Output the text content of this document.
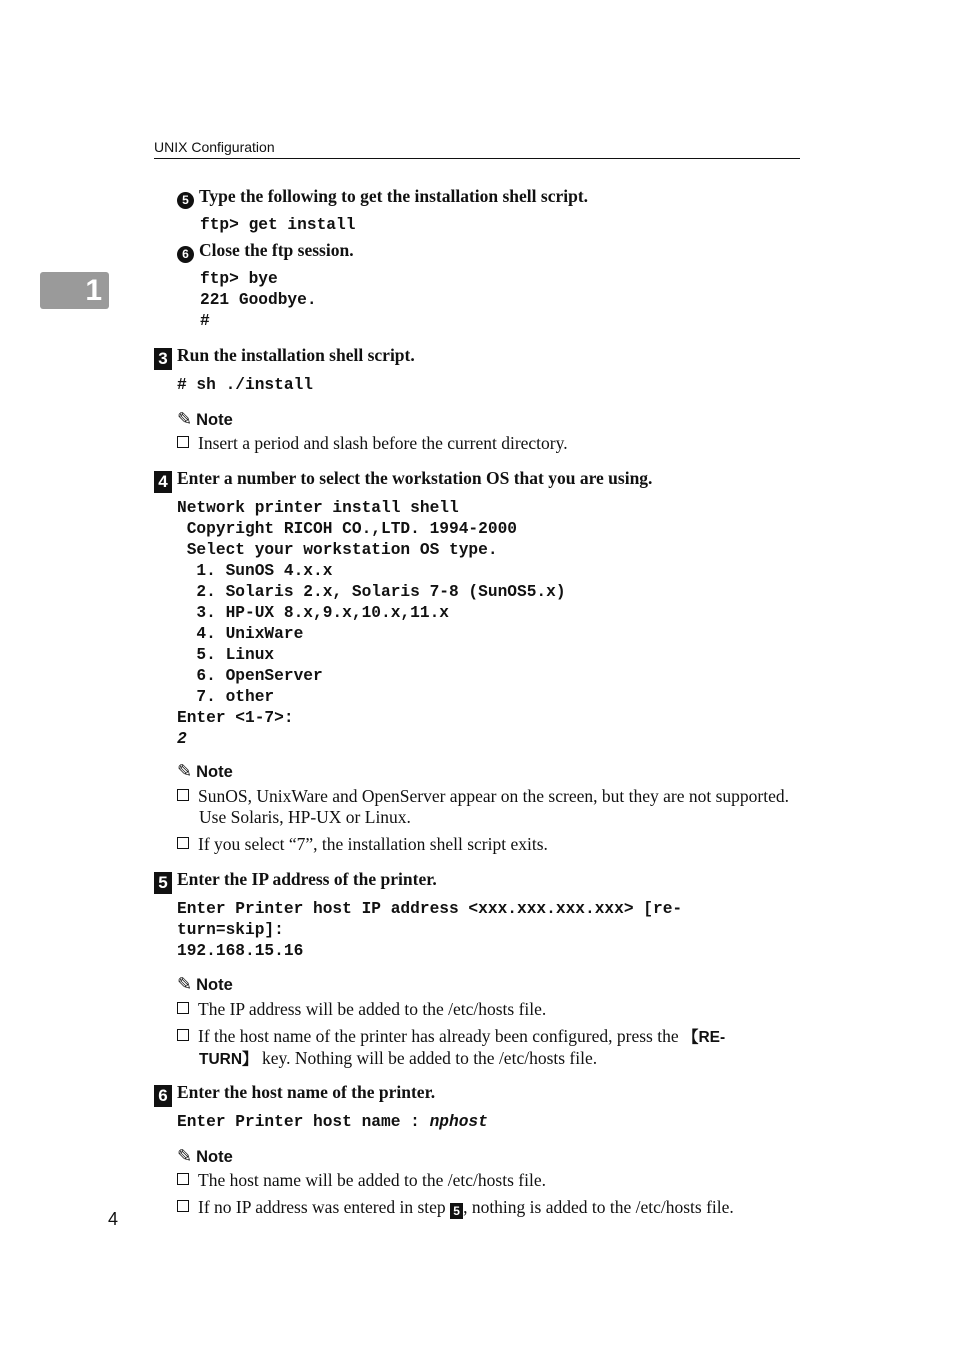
UNIX Configuration
1
5 Type the following to get the installation shell script.
ftp> get install
6 Close the ftp session.
ftp> bye
221 Goodbye.
#
3 Run the installation shell script.
# sh ./install
✎ Note
Insert a period and slash before the current directory.
4 Enter a number to select the workstation OS that you are using.
Network printer install shell
Copyright RICOH CO.,LTD. 1994-2000
Select your workstation OS type.
1. SunOS 4.x.x
2. Solaris 2.x, Solaris 7-8 (SunOS5.x)
3. HP-UX 8.x,9.x,10.x,11.x
4. UnixWare
5. Linux
6. OpenServer
7. other
Enter <1-7>:
2
✎ Note
SunOS, UnixWare and OpenServer appear on the screen, but they are not supported. Use Solaris, HP-UX or Linux.
If you select “7”, the installation shell script exits.
5 Enter the IP address of the printer.
Enter Printer host IP address <xxx.xxx.xxx.xxx> [re-
turn=skip]:
192.168.15.16
✎ Note
The IP address will be added to the /etc/hosts file.
If the host name of the printer has already been configured, press the 【RE-
TURN】 key. Nothing will be added to the /etc/hosts file.
6 Enter the host name of the printer.
Enter Printer host name : nphost
✎ Note
The host name will be added to the /etc/hosts file.
If no IP address was entered in step 5 , nothing is added to the /etc/hosts file.
4
